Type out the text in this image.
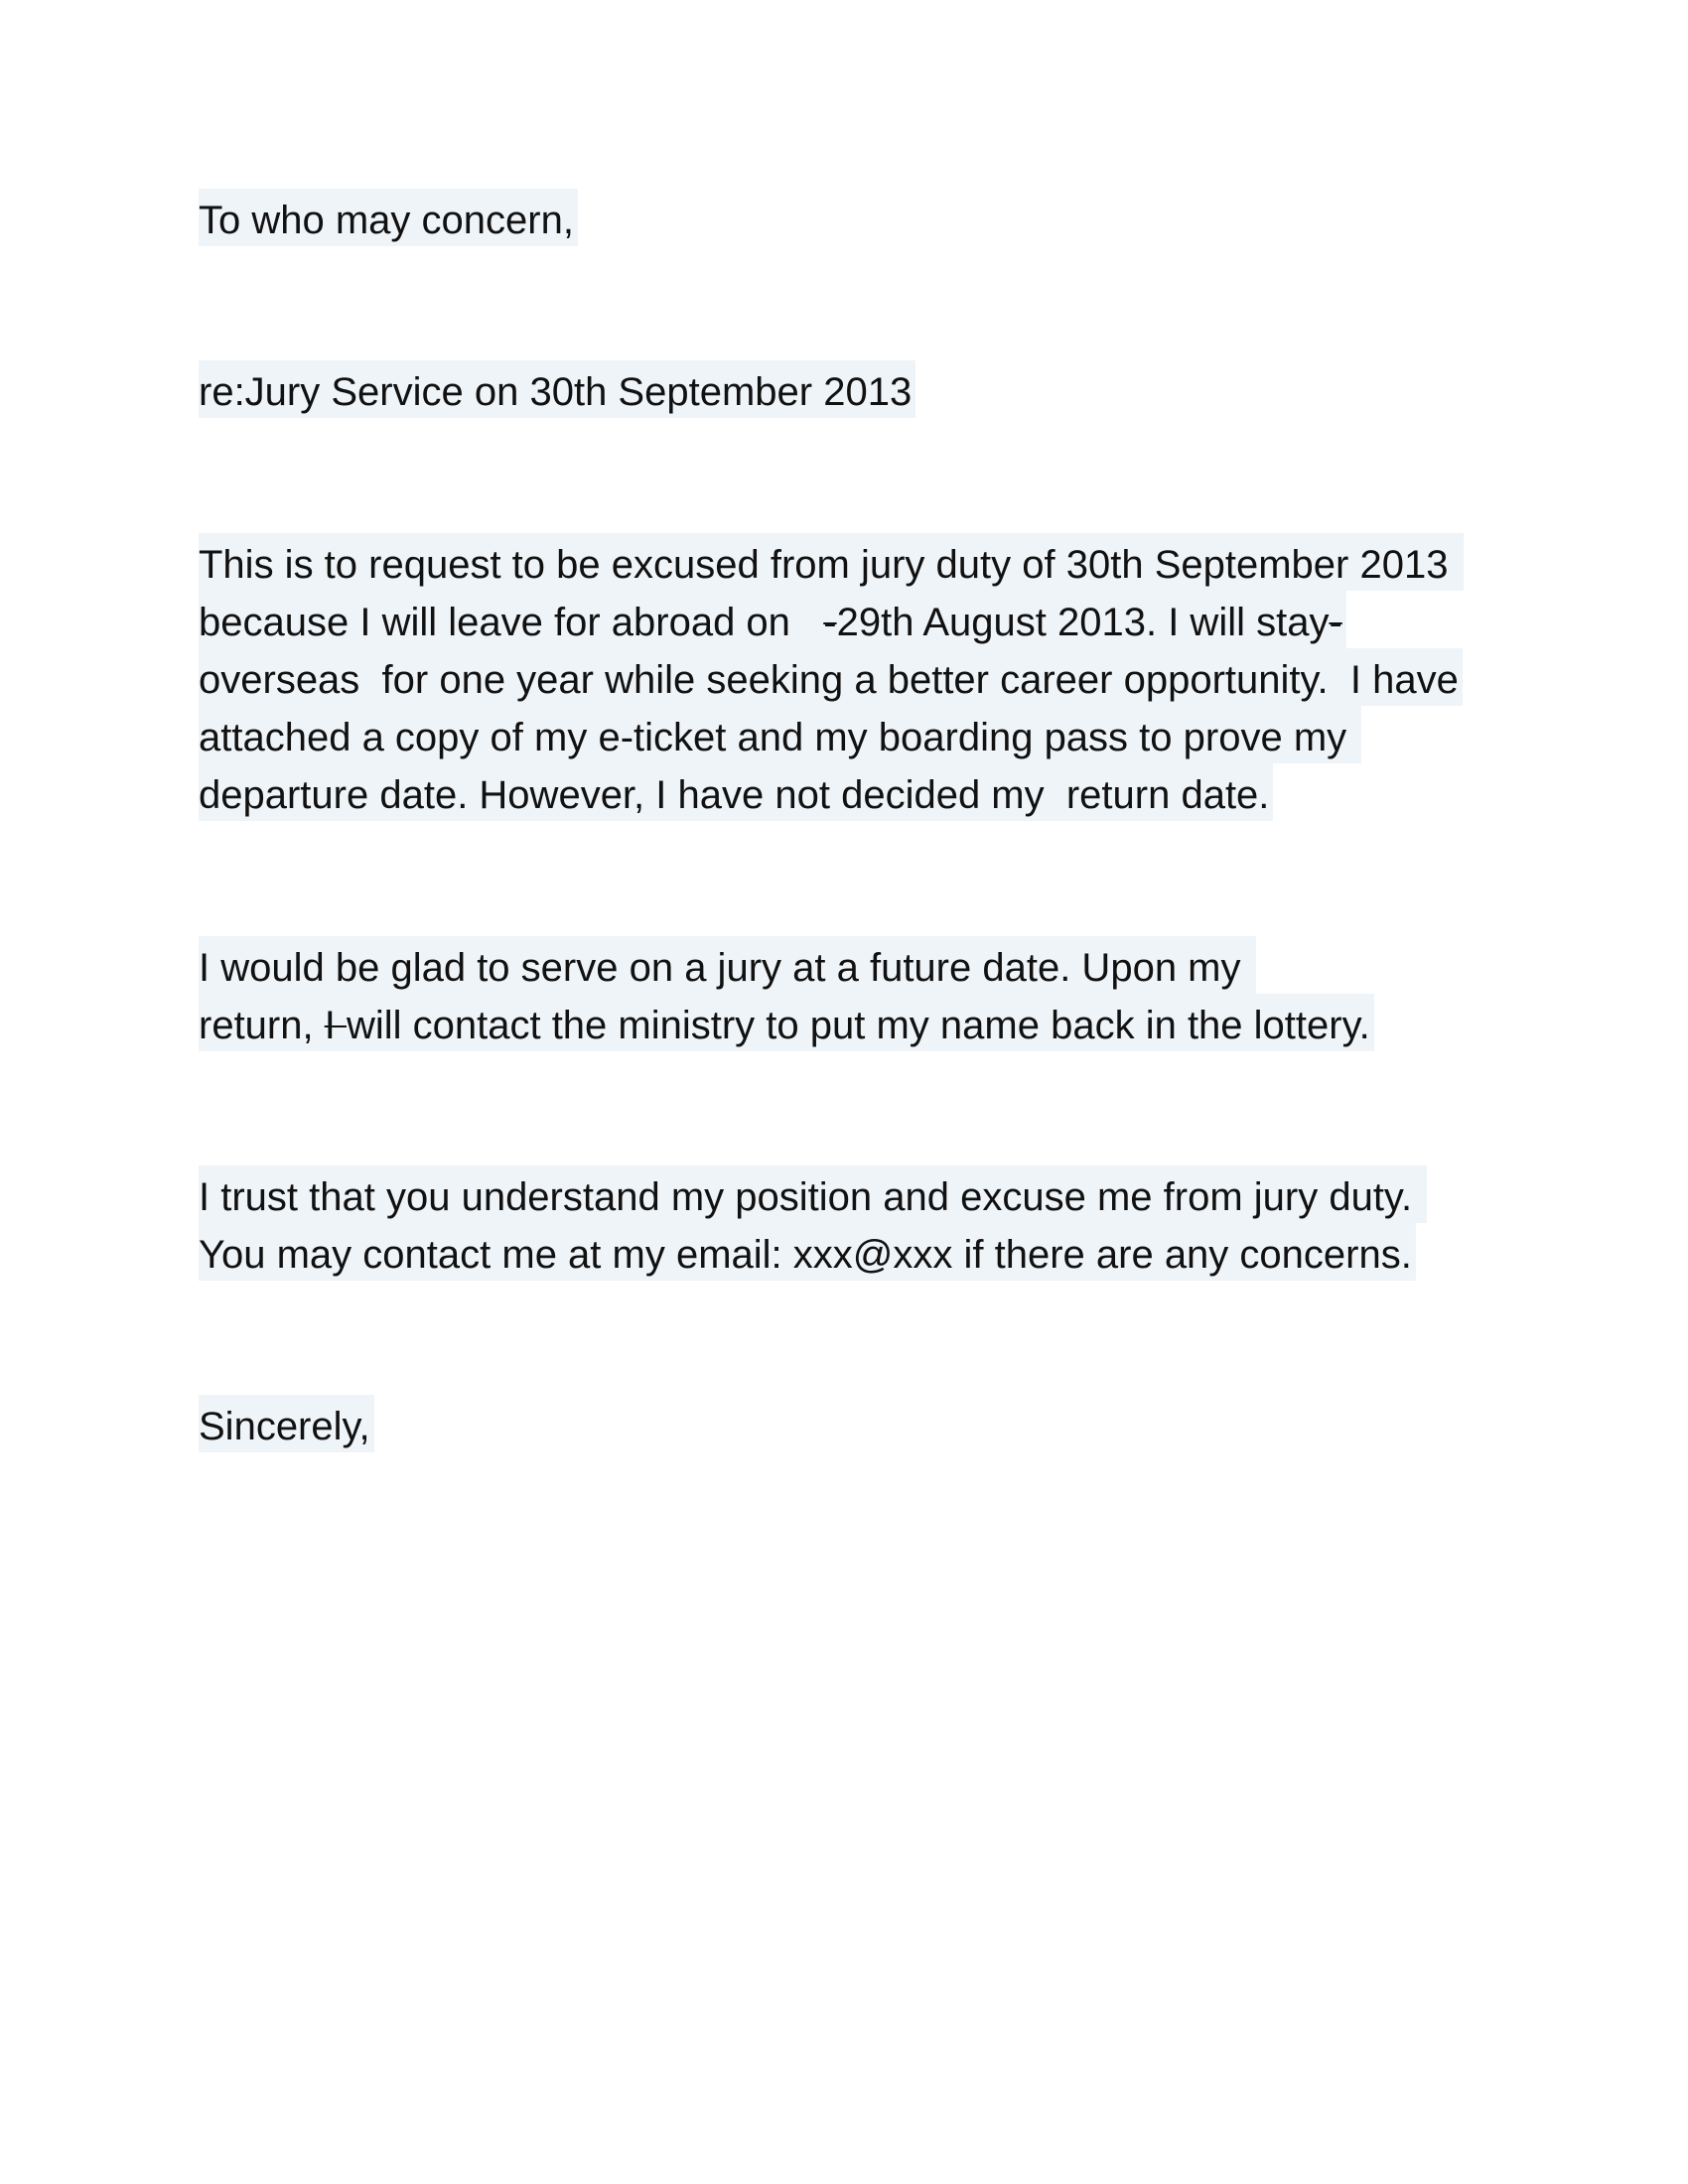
To who may concern,
re:Jury Service on 30th September 2013
This is to request to be excused from jury duty of 30th September 2013
because I will leave for abroad on   -29th August 2013. I will stay-
overseas  for one year while seeking a better career opportunity.  I have
attached a copy of my e-ticket and my boarding pass to prove my
departure date. However, I have not decided my  return date.
I would be glad to serve on a jury at a future date. Upon my
return, I will contact the ministry to put my name back in the lottery.
I trust that you understand my position and excuse me from jury duty.
You may contact me at my email: xxx@xxx if there are any concerns.
Sincerely,
